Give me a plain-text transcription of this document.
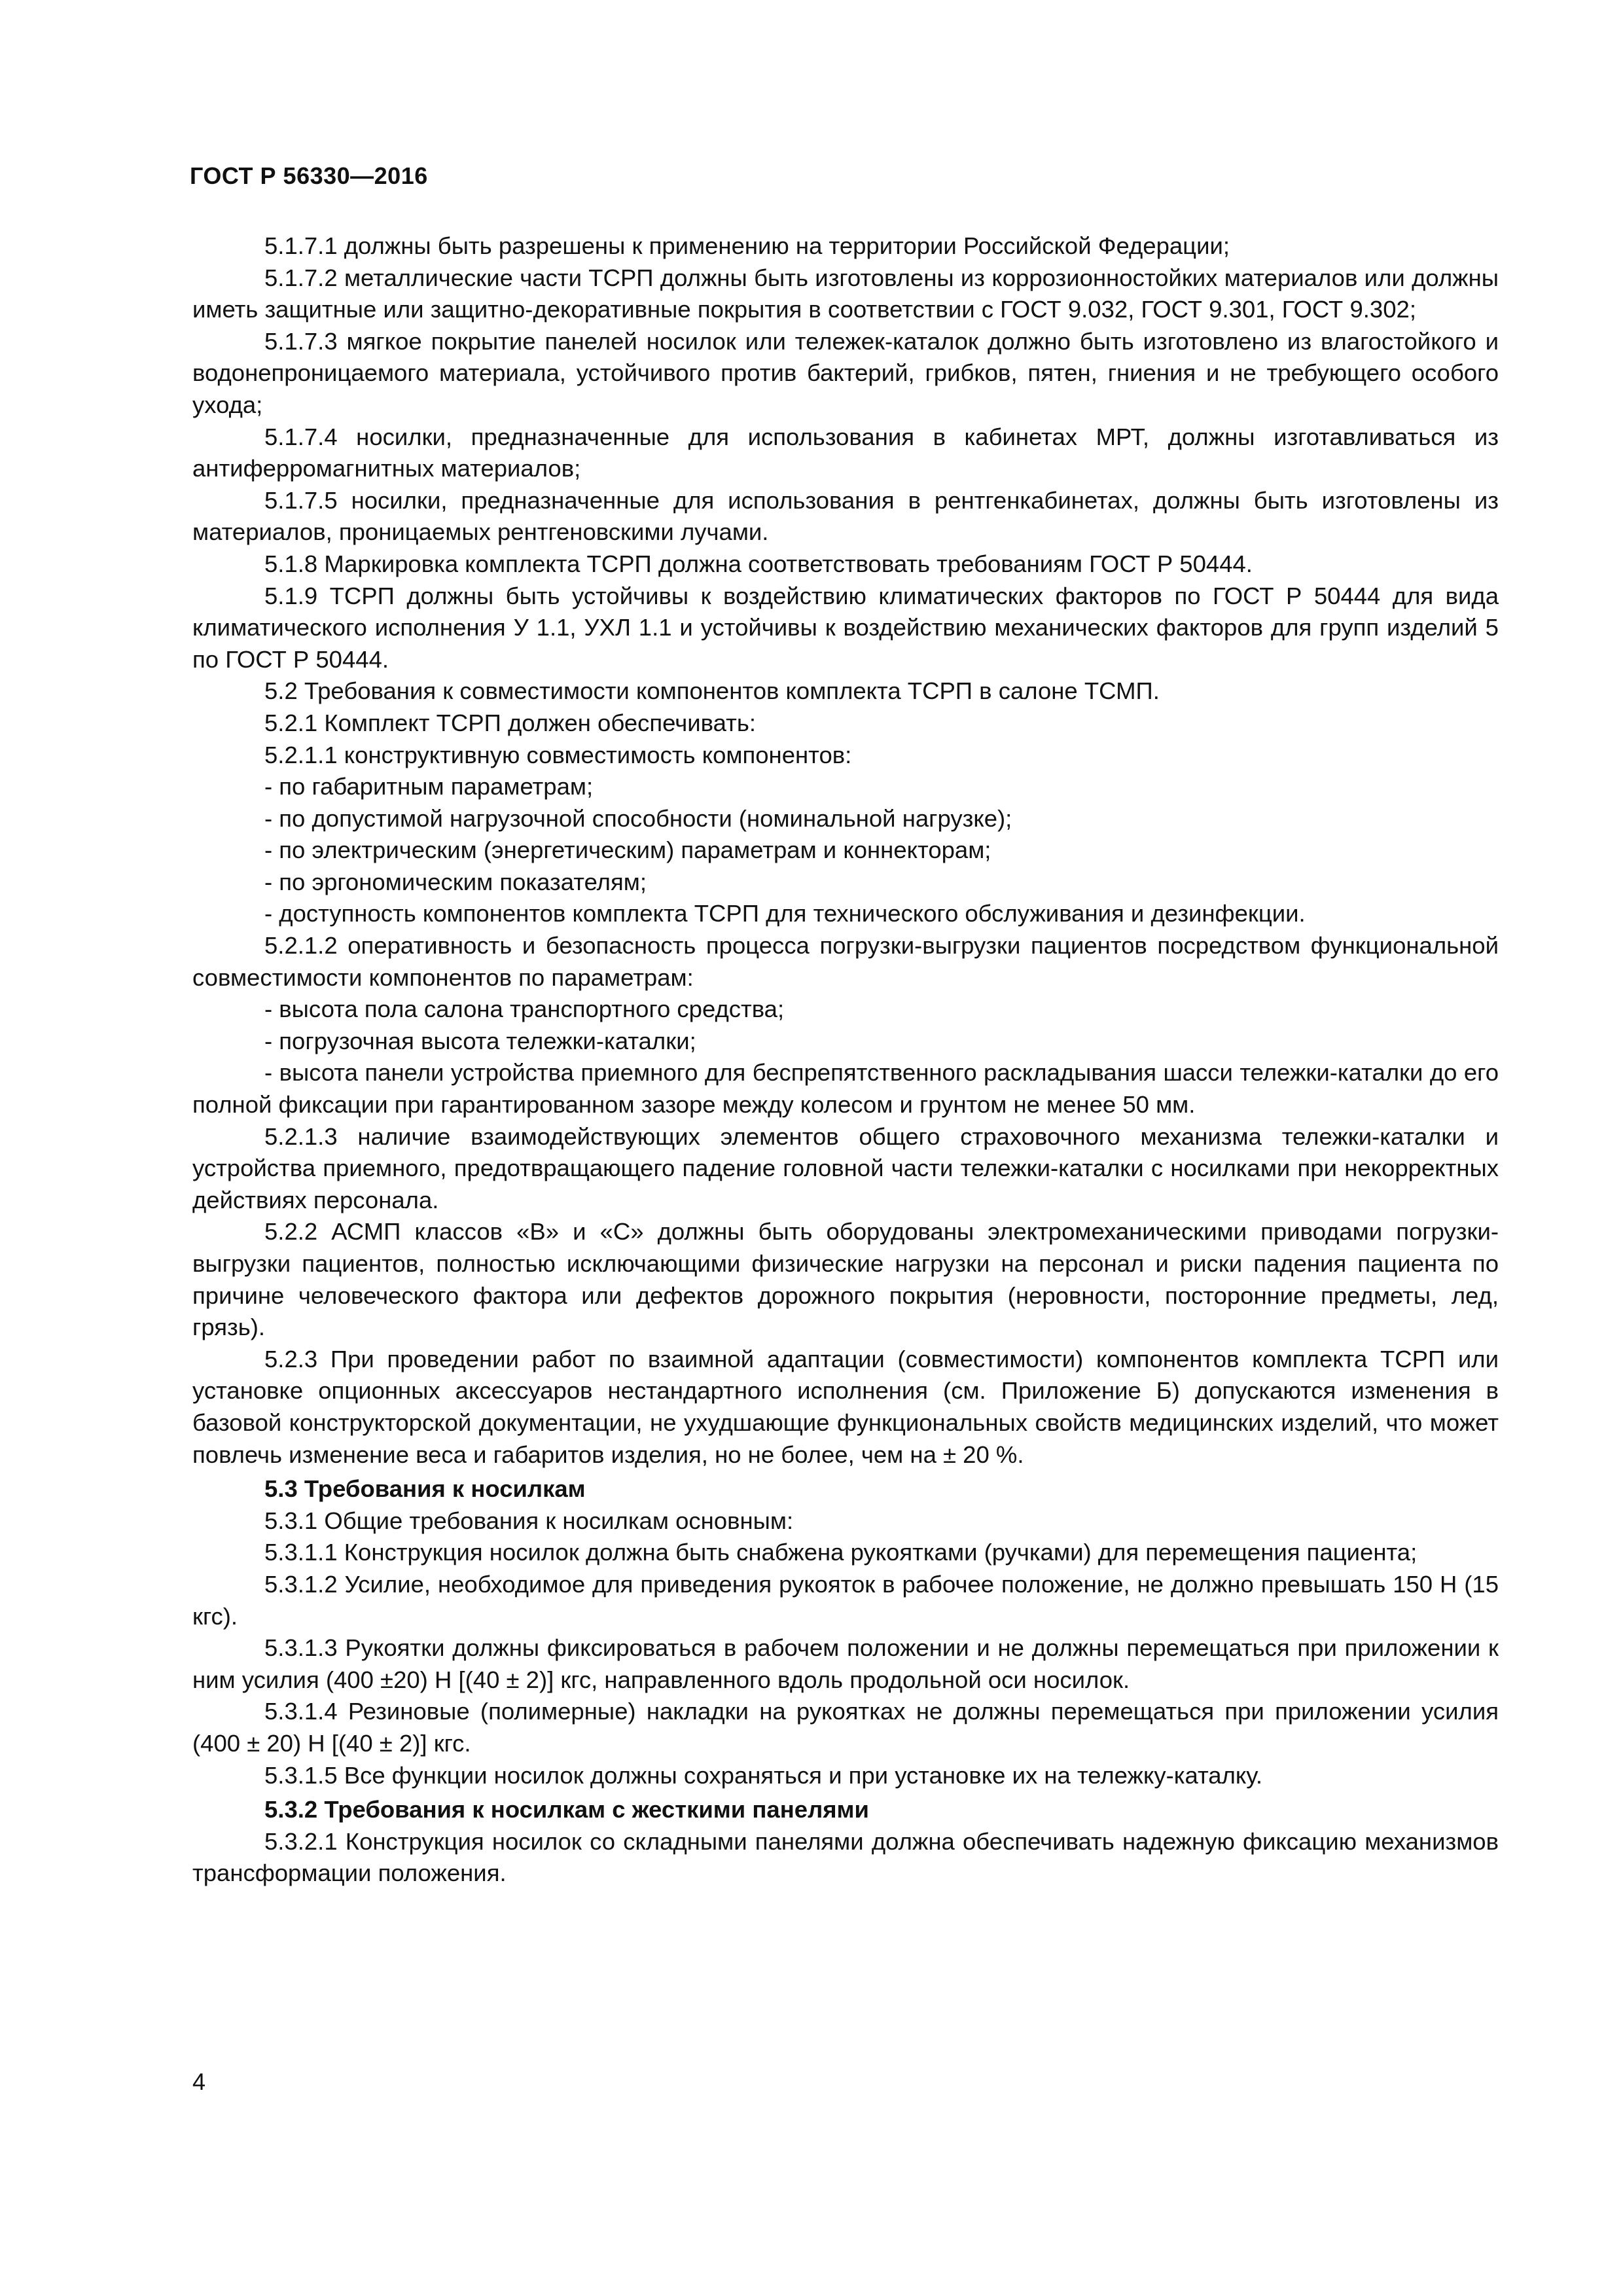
ГОСТ Р 56330—2016

5.1.7.1 должны быть разрешены к применению на территории Российской Федерации;

5.1.7.2 металлические части ТСРП должны быть изготовлены из коррозионностойких материалов или должны иметь защитные или защитно-декоративные покрытия в соответствии с ГОСТ 9.032, ГОСТ 9.301, ГОСТ 9.302;

5.1.7.3 мягкое покрытие панелей носилок или тележек-каталок должно быть изготовлено из влагостойкого и водонепроницаемого материала, устойчивого против бактерий, грибков, пятен, гниения и не требующего особого ухода;

5.1.7.4 носилки, предназначенные для использования в кабинетах МРТ, должны изготавливаться из антиферромагнитных материалов;

5.1.7.5 носилки, предназначенные для использования в рентгенкабинетах, должны быть изготовлены из материалов, проницаемых рентгеновскими лучами.

5.1.8 Маркировка комплекта ТСРП должна соответствовать требованиям ГОСТ Р 50444.

5.1.9 ТСРП должны быть устойчивы к воздействию климатических факторов по ГОСТ Р 50444 для вида климатического исполнения У 1.1, УХЛ 1.1 и устойчивы к воздействию механических факторов для групп изделий 5 по ГОСТ Р 50444.

5.2 Требования к совместимости компонентов комплекта ТСРП в салоне ТСМП.

5.2.1 Комплект ТСРП должен обеспечивать:

5.2.1.1 конструктивную совместимость компонентов:

- по габаритным параметрам;

- по допустимой нагрузочной способности (номинальной нагрузке);

- по электрическим (энергетическим) параметрам и коннекторам;

- по эргономическим показателям;

- доступность компонентов комплекта ТСРП для технического обслуживания и дезинфекции.

5.2.1.2 оперативность и безопасность процесса погрузки-выгрузки пациентов посредством функциональной совместимости компонентов по параметрам:

- высота пола салона транспортного средства;

- погрузочная высота тележки-каталки;

- высота панели устройства приемного для беспрепятственного раскладывания шасси тележки-каталки до его полной фиксации при гарантированном зазоре между колесом и грунтом не менее 50 мм.

5.2.1.3 наличие взаимодействующих элементов общего страховочного механизма тележки-каталки и устройства приемного, предотвращающего падение головной части тележки-каталки с носилками при некорректных действиях персонала.

5.2.2 АСМП классов «В» и «С» должны быть оборудованы электромеханическими приводами погрузки-выгрузки пациентов, полностью исключающими физические нагрузки на персонал и риски падения пациента по причине человеческого фактора или дефектов дорожного покрытия (неровности, посторонние предметы, лед, грязь).

5.2.3 При проведении работ по взаимной адаптации (совместимости) компонентов комплекта ТСРП или установке опционных аксессуаров нестандартного исполнения (см. Приложение Б) допускаются изменения в базовой конструкторской документации, не ухудшающие функциональных свойств медицинских изделий, что может повлечь изменение веса и габаритов изделия, но не более, чем на ± 20 %.

5.3 Требования к носилкам

5.3.1 Общие требования к носилкам основным:

5.3.1.1 Конструкция носилок должна быть снабжена рукоятками (ручками) для перемещения пациента;

5.3.1.2 Усилие, необходимое для приведения рукояток в рабочее положение, не должно превышать 150 Н (15 кгс).

5.3.1.3 Рукоятки должны фиксироваться в рабочем положении и не должны перемещаться при приложении к ним усилия (400 ±20) Н [(40 ± 2)] кгс, направленного вдоль продольной оси носилок.

5.3.1.4 Резиновые (полимерные) накладки на рукоятках не должны перемещаться при приложении усилия (400 ± 20) Н [(40 ± 2)] кгс.

5.3.1.5 Все функции носилок должны сохраняться и при установке их на тележку-каталку.

5.3.2 Требования к носилкам с жесткими панелями

5.3.2.1 Конструкция носилок со складными панелями должна обеспечивать надежную фиксацию механизмов трансформации положения.

4
